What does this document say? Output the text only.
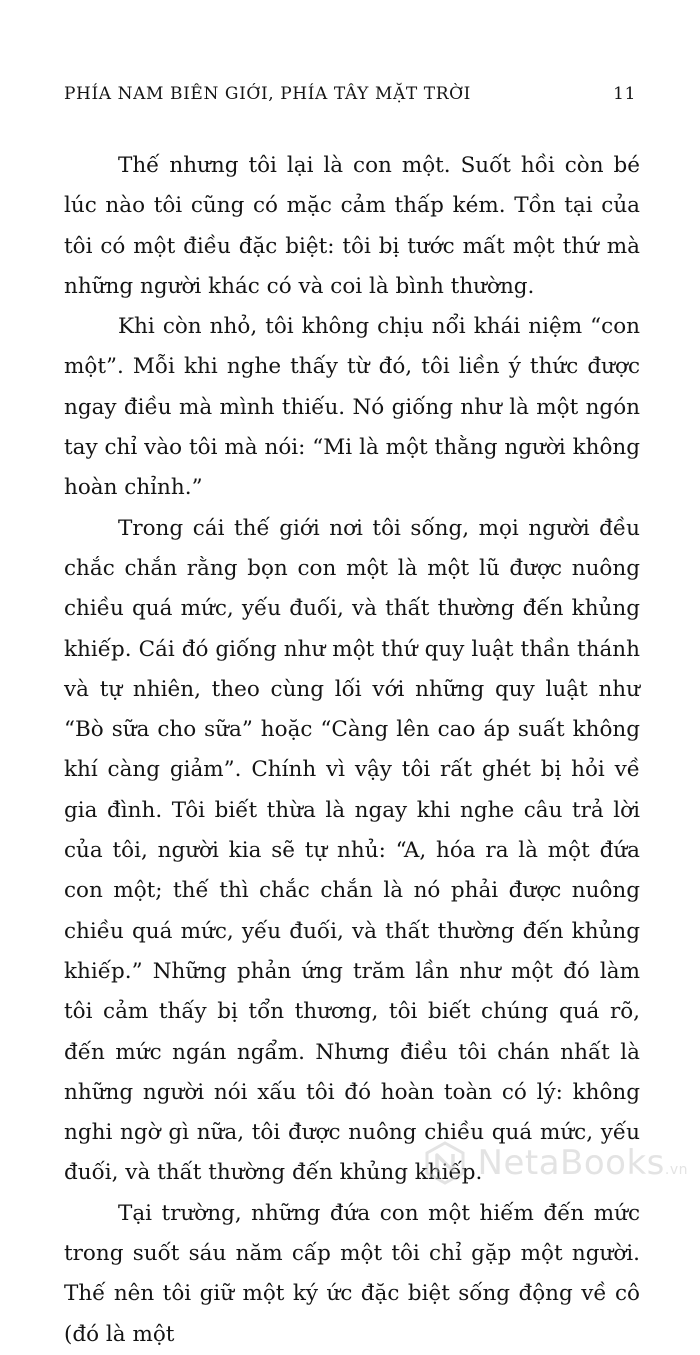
PHÍA NAM BIÊN GIỚI, PHÍA TÂY MẶT TRỜI	11

Thế nhưng tôi lại là con một. Suốt hồi còn bé lúc nào tôi cũng có mặc cảm thấp kém. Tồn tại của tôi có một điều đặc biệt: tôi bị tước mất một thứ mà những người khác có và coi là bình thường.

Khi còn nhỏ, tôi không chịu nổi khái niệm “con một”. Mỗi khi nghe thấy từ đó, tôi liền ý thức được ngay điều mà mình thiếu. Nó giống như là một ngón tay chỉ vào tôi mà nói: “Mi là một thằng người không hoàn chỉnh.”

Trong cái thế giới nơi tôi sống, mọi người đều chắc chắn rằng bọn con một là một lũ được nuông chiều quá mức, yếu đuối, và thất thường đến khủng khiếp. Cái đó giống như một thứ quy luật thần thánh và tự nhiên, theo cùng lối với những quy luật như “Bò sữa cho sữa” hoặc “Càng lên cao áp suất không khí càng giảm”. Chính vì vậy tôi rất ghét bị hỏi về gia đình. Tôi biết thừa là ngay khi nghe câu trả lời của tôi, người kia sẽ tự nhủ: “A, hóa ra là một đứa con một; thế thì chắc chắn là nó phải được nuông chiều quá mức, yếu đuối, và thất thường đến khủng khiếp.” Những phản ứng trăm lần như một đó làm tôi cảm thấy bị tổn thương, tôi biết chúng quá rõ, đến mức ngán ngẩm. Nhưng điều tôi chán nhất là những người nói xấu tôi đó hoàn toàn có lý: không nghi ngờ gì nữa, tôi được nuông chiều quá mức, yếu đuối, và thất thường đến khủng khiếp.

Tại trường, những đứa con một hiếm đến mức trong suốt sáu năm cấp một tôi chỉ gặp một người. Thế nên tôi giữ một ký ức đặc biệt sống động về cô (đó là một

NetaBooks.vn
